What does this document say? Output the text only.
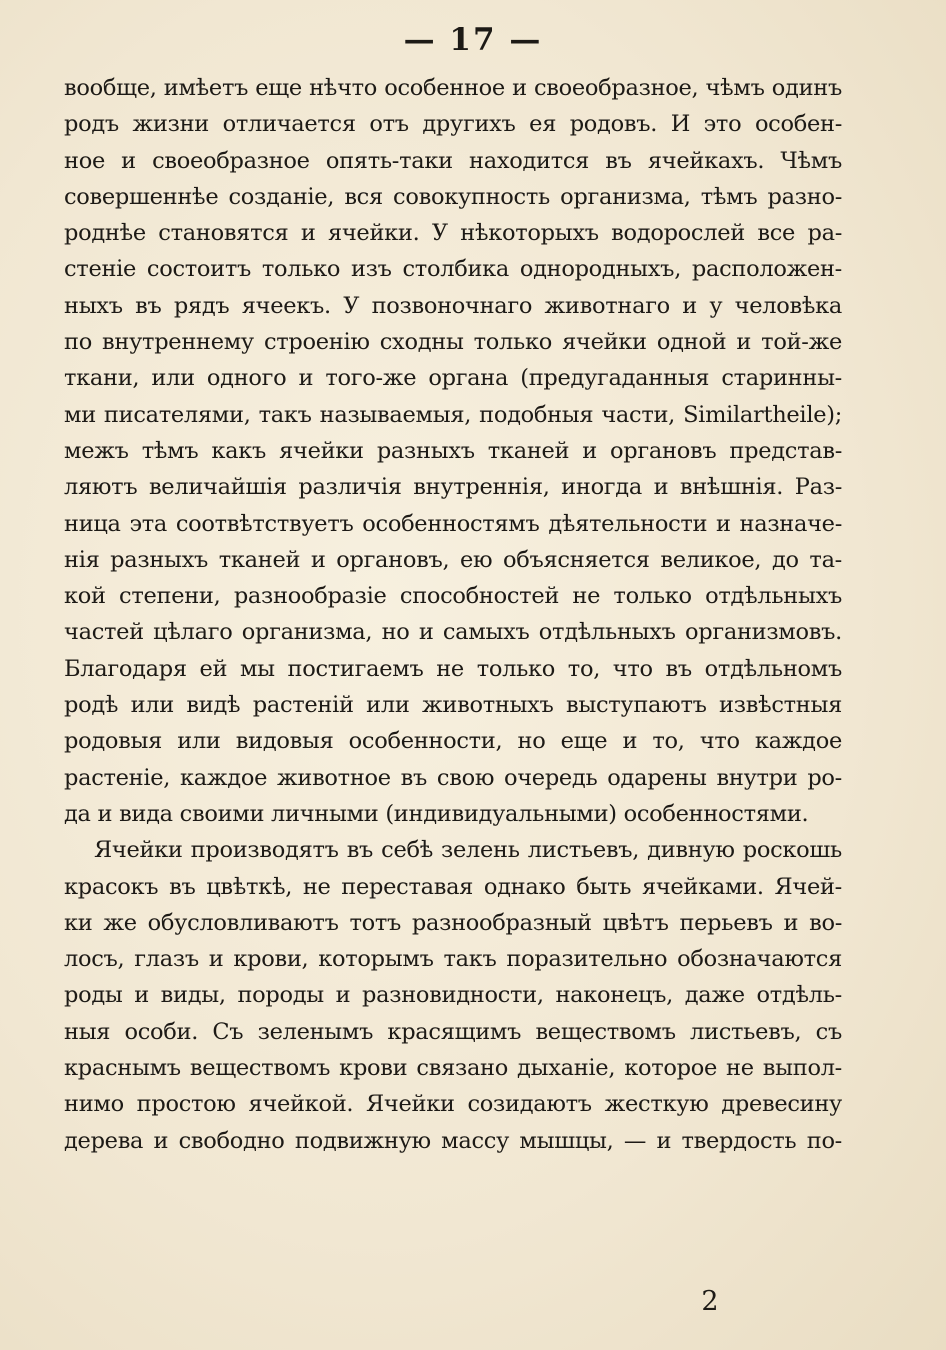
— 17 —
вообще, имѣетъ еще нѣчто особенное и своеобразное, чѣмъ одинъ
родъ жизни отличается отъ другихъ ея родовъ. И это особен-
ное и своеобразное опять-таки находится въ ячейкахъ. Чѣмъ
совершеннѣе созданіе, вся совокупность организма, тѣмъ разно-
роднѣе становятся и ячейки. У нѣкоторыхъ водорослей все ра-
стеніе состоитъ только изъ столбика однородныхъ, расположен-
ныхъ въ рядъ ячеекъ. У позвоночнаго животнаго и у человѣка
по внутреннему строенію сходны только ячейки одной и той-же
ткани, или одного и того-же органа (предугаданныя старинны-
ми писателями, такъ называемыя, подобныя части, Similartheile);
межъ тѣмъ какъ ячейки разныхъ тканей и органовъ представ-
ляютъ величайшія различія внутреннія, иногда и внѣшнія. Раз-
ница эта соотвѣтствуетъ особенностямъ дѣятельности и назначе-
нія разныхъ тканей и органовъ, ею объясняется великое, до та-
кой степени, разнообразіе способностей не только отдѣльныхъ
частей цѣлаго организма, но и самыхъ отдѣльныхъ организмовъ.
Благодаря ей мы постигаемъ не только то, что въ отдѣльномъ
родѣ или видѣ растеній или животныхъ выступаютъ извѣстныя
родовыя или видовыя особенности, но еще и то, что каждое
растеніе, каждое животное въ свою очередь одарены внутри ро-
да и вида своими личными (индивидуальными) особенностями.
Ячейки производятъ въ себѣ зелень листьевъ, дивную роскошь
красокъ въ цвѣткѣ, не переставая однако быть ячейками. Ячей-
ки же обусловливаютъ тотъ разнообразный цвѣтъ перьевъ и во-
лосъ, глазъ и крови, которымъ такъ поразительно обозначаются
роды и виды, породы и разновидности, наконецъ, даже отдѣль-
ныя особи. Съ зеленымъ красящимъ веществомъ листьевъ, съ
краснымъ веществомъ крови связано дыханіе, которое не выпол-
нимо простою ячейкой. Ячейки созидаютъ жесткую древесину
дерева и свободно подвижную массу мышцы, — и твердость по-
2
